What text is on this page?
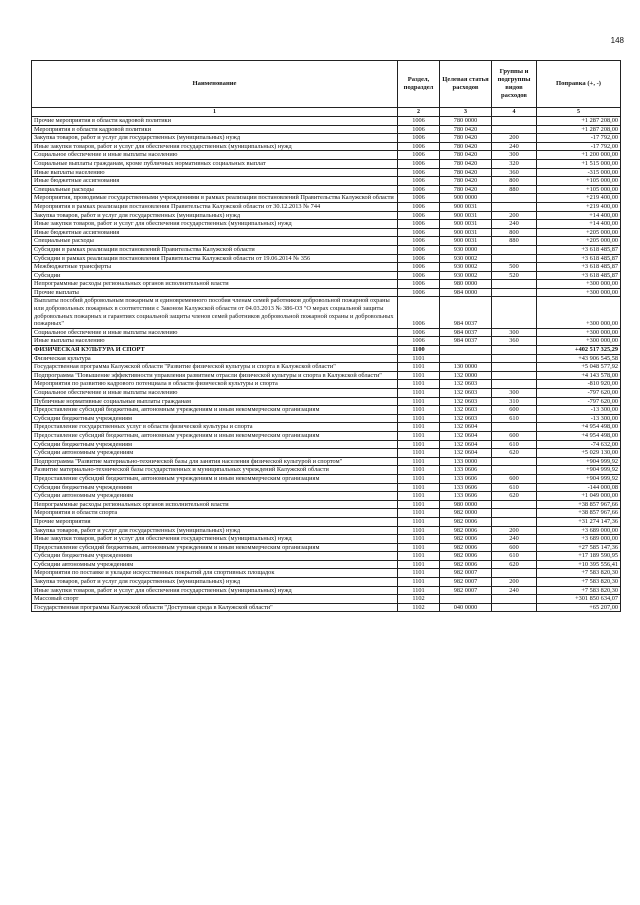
148
Наименование	Раздел, подраздел	Целевая статья расходов	Группы и подгруппы видов расходов	Поправка (+, -)
1	2	3	4	5
Прочие мероприятия в области кадровой политики	1006	780 0000		+1 287 208,00
Мероприятия в области кадровой политики	1006	780 0420		+1 287 208,00
Закупка товаров, работ и услуг для государственных (муниципальных) нужд	1006	780 0420	200	-17 792,00
Иные закупки товаров, работ и услуг для обеспечения государственных (муниципальных) нужд	1006	780 0420	240	-17 792,00
Социальное обеспечение и иные выплаты населению	1006	780 0420	300	+1 200 000,00
Социальные выплаты гражданам, кроме публичных нормативных социальных выплат	1006	780 0420	320	+1 515 000,00
Иные выплаты населению	1006	780 0420	360	-315 000,00
Иные бюджетные ассигнования	1006	780 0420	800	+105 000,00
Специальные расходы	1006	780 0420	880	+105 000,00
Мероприятия, проводимые государственными учреждениями в рамках реализации постановлений Правительства Калужской области	1006	900 0000		+219 400,00
Мероприятия в рамках реализации постановления Правительства Калужской области от 30.12.2013 № 744	1006	900 0031		+219 400,00
Закупка товаров, работ и услуг для государственных (муниципальных) нужд	1006	900 0031	200	+14 400,00
Иные закупки товаров, работ и услуг для обеспечения государственных (муниципальных) нужд	1006	900 0031	240	+14 400,00
Иные бюджетные ассигнования	1006	900 0031	800	+205 000,00
Специальные расходы	1006	900 0031	880	+205 000,00
Субсидии в рамках реализации постановлений Правительства Калужской области	1006	930 0000		+3 618 485,87
Субсидии в рамках реализации постановления Правительства Калужской области от 19.06.2014 № 356	1006	930 0002		+3 618 485,87
Межбюджетные трансферты	1006	930 0002	500	+3 618 485,87
Субсидии	1006	930 0002	520	+3 618 485,87
Непрограммные расходы региональных органов исполнительной власти	1006	980 0000		+300 000,00
Прочие выплаты	1006	984 0000		+300 000,00
Выплаты пособий добровольным пожарным и единовременного пособия членам семей работников добровольной пожарной охраны или добровольных пожарных в соответствии с Законом Калужской области от 04.03.2013 № 386-ОЗ "О мерах социальной защиты добровольных пожарных и гарантиях социальной защиты членов семей работников добровольной пожарной охраны и добровольных пожарных"	1006	984 0037		+300 000,00
Социальное обеспечение и иные выплаты населению	1006	984 0037	300	+300 000,00
Иные выплаты населению	1006	984 0037	360	+300 000,00
ФИЗИЧЕСКАЯ КУЛЬТУРА И СПОРТ	1100			+402 517 325,29
Физическая культура	1101			+43 906 545,58
Государственная программа Калужской области "Развитие физической культуры и спорта в Калужской области"	1101	130 0000		+5 048 577,92
Подпрограмма "Повышение эффективности управления развитием отрасли физической культуры и спорта в Калужской области"	1101	132 0000		+4 143 578,00
Мероприятия по развитию кадрового потенциала в области физической культуры и спорта	1101	132 0603		-810 920,00
Социальное обеспечение и иные выплаты населению	1101	132 0603	300	-797 620,00
Публичные нормативные социальные выплаты гражданам	1101	132 0603	310	-797 620,00
Предоставление субсидий бюджетным, автономным учреждениям и иным некоммерческим организациям	1101	132 0603	600	-13 300,00
Субсидии бюджетным учреждениям	1101	132 0603	610	-13 300,00
Предоставление государственных услуг в области физической культуры и спорта	1101	132 0604		+4 954 498,00
Предоставление субсидий бюджетным, автономным учреждениям и иным некоммерческим организациям	1101	132 0604	600	+4 954 498,00
Субсидии бюджетным учреждениям	1101	132 0604	610	-74 632,00
Субсидии автономным учреждениям	1101	132 0604	620	+5 029 130,00
Подпрограмма "Развитие материально-технической базы для занятия населения физической культурой и спортом"	1101	133 0000		+904 999,92
Развитие материально-технической базы государственных и муниципальных учреждений Калужской области	1101	133 0606		+904 999,92
Предоставление субсидий бюджетным, автономным учреждениям и иным некоммерческим организациям	1101	133 0606	600	+904 999,92
Субсидии бюджетным учреждениям	1101	133 0606	610	-144 000,08
Субсидии автономным учреждениям	1101	133 0606	620	+1 049 000,00
Непрограммные расходы региональных органов исполнительной власти	1101	980 0000		+38 857 967,66
Мероприятия в области спорта	1101	982 0000		+38 857 967,66
Прочие мероприятия	1101	982 0006		+31 274 147,36
Закупка товаров, работ и услуг для государственных (муниципальных) нужд	1101	982 0006	200	+3 689 000,00
Иные закупки товаров, работ и услуг для обеспечения государственных (муниципальных) нужд	1101	982 0006	240	+3 689 000,00
Предоставление субсидий бюджетным, автономным учреждениям и иным некоммерческим организациям	1101	982 0006	600	+27 585 147,36
Субсидии бюджетным учреждениям	1101	982 0006	610	+17 189 590,95
Субсидии автономным учреждениям	1101	982 0006	620	+10 395 556,41
Мероприятия по поставке и укладке искусственных покрытий для спортивных площадок	1101	982 0007		+7 583 820,30
Закупка товаров, работ и услуг для государственных (муниципальных) нужд	1101	982 0007	200	+7 583 820,30
Иные закупки товаров, работ и услуг для обеспечения государственных (муниципальных) нужд	1101	982 0007	240	+7 583 820,30
Массовый спорт	1102			+301 850 634,07
Государственная программа Калужской области "Доступная среда в Калужской области"	1102	040 0000		+65 207,00
